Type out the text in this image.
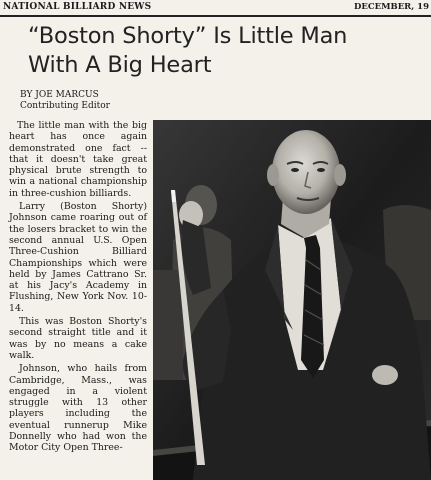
NATIONAL BILLIARD NEWS	DECEMBER, 19
“Boston Shorty” Is Little Man
With A Big Heart
BY JOE MARCUS
Contributing Editor

The little man with the big heart has once again demonstrated one fact -- that it doesn't take great physical brute strength to win a national championship in three-cushion billiards.

Larry (Boston Shorty) Johnson came roaring out of the losers bracket to win the second annual U.S. Open Three-Cushion Billiard Championships which were held by James Cattrano Sr. at his Jacy's Academy in Flushing, New York Nov. 10-14.

This was Boston Shorty's second straight title and it was by no means a cake walk.

Johnson, who hails from Cambridge, Mass., was engaged in a violent struggle with 13 other players including the eventual runnerup Mike Donnelly who had won the Motor City Open Three-
